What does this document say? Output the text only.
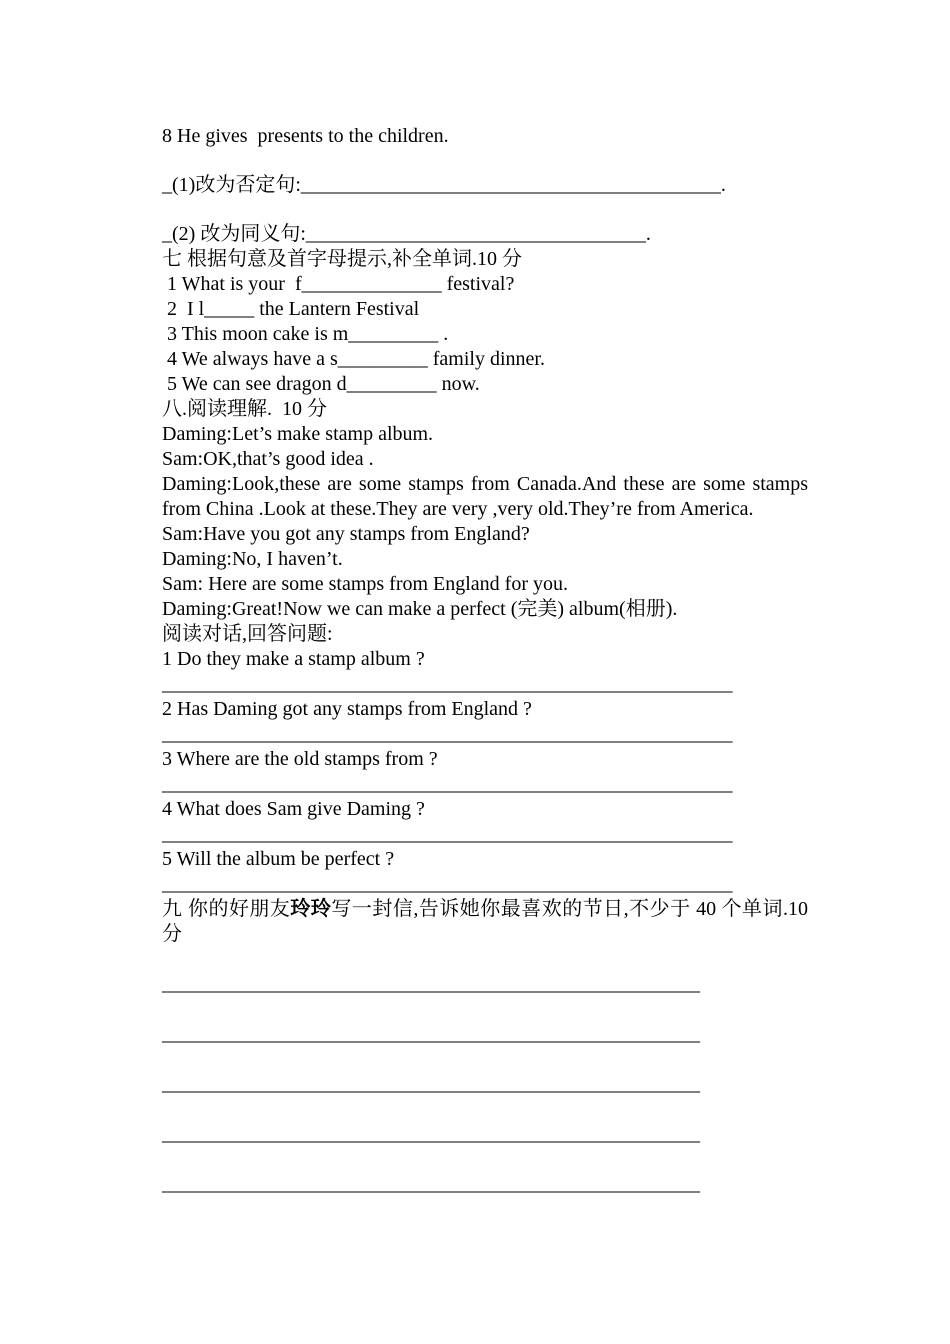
8 He gives  presents to the children.
_(1)改为否定句:__________________________________________.
_(2) 改为同义句:__________________________________.
七 根据句意及首字母提示,补全单词.10 分
1 What is your  f______________ festival?
2  I l_____ the Lantern Festival
3 This moon cake is m_________ .
4 We always have a s_________ family dinner.
5 We can see dragon d_________ now.
八.阅读理解.  10 分
Daming:Let’s make stamp album.
Sam:OK,that’s good idea .
Daming:Look,these are some stamps from Canada.And these are some stamps from China .Look at these.They are very ,very old.They’re from America.
Sam:Have you got any stamps from England?
Daming:No, I haven’t.
Sam: Here are some stamps from England for you.
Daming:Great!Now we can make a perfect (完美) album(相册).
阅读对话,回答问题:
1 Do they make a stamp album ?
____________________________________________________________
2 Has Daming got any stamps from England ?
____________________________________________________________
3 Where are the old stamps from ?
____________________________________________________________
4 What does Sam give Daming ?
____________________________________________________________
5 Will the album be perfect ?
____________________________________________________________
九 你的好朋友玲玲写一封信,告诉她你最喜欢的节日,不少于 40 个单词.10 分
____________________________________________________________
____________________________________________________________
____________________________________________________________
____________________________________________________________
____________________________________________________________
